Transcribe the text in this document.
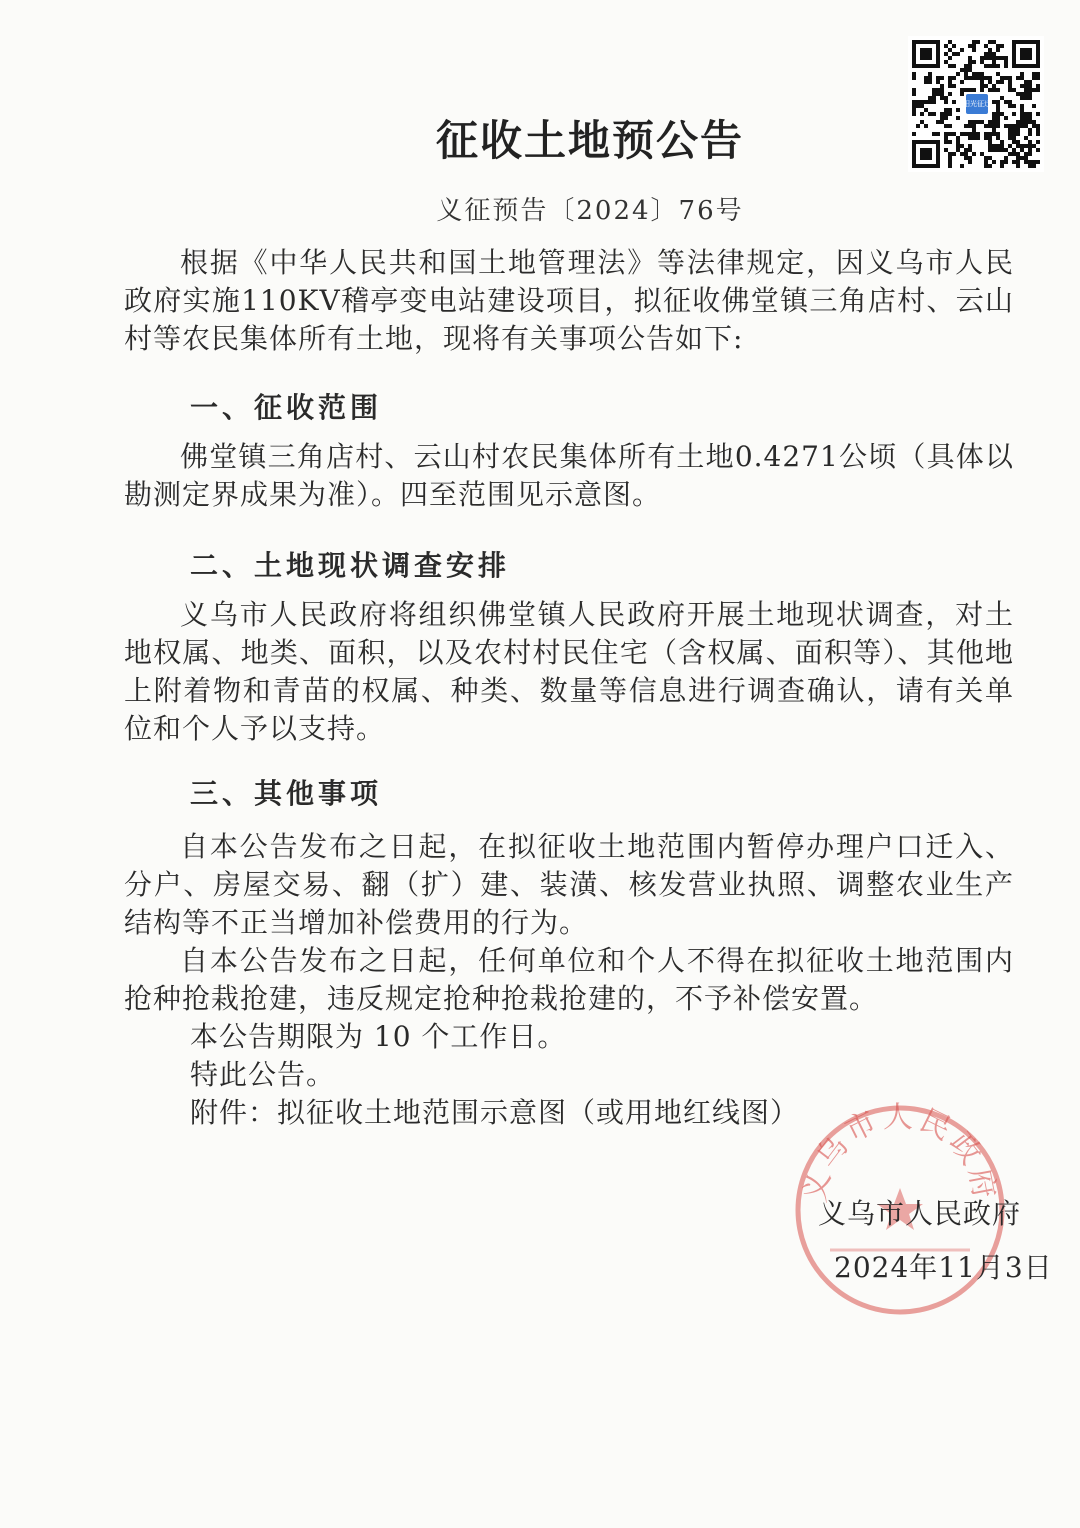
阳光征迁
征收土地预公告
义征预告〔2024〕76号

根据《中华人民共和国土地管理法》等法律规定，因义乌市人民政府实施110KV稽亭变电站建设项目，拟征收佛堂镇三角店村、云山村等农民集体所有土地，现将有关事项公告如下:

一、征收范围

佛堂镇三角店村、云山村农民集体所有土地0.4271公顷（具体以勘测定界成果为准）。四至范围见示意图。

二、土地现状调查安排

义乌市人民政府将组织佛堂镇人民政府开展土地现状调查，对土地权属、地类、面积，以及农村村民住宅（含权属、面积等）、其他地上附着物和青苗的权属、种类、数量等信息进行调查确认，请有关单位和个人予以支持。

三、其他事项

自本公告发布之日起，在拟征收土地范围内暂停办理户口迁入、分户、房屋交易、翻（扩）建、装潢、核发营业执照、调整农业生产结构等不正当增加补偿费用的行为。

自本公告发布之日起，任何单位和个人不得在拟征收土地范围内抢种抢栽抢建，违反规定抢种抢栽抢建的，不予补偿安置。

本公告期限为 10 个工作日。

特此公告。

附件：拟征收土地范围示意图（或用地红线图）

义乌市人民政府
义乌市人民政府
2024年11月3日
